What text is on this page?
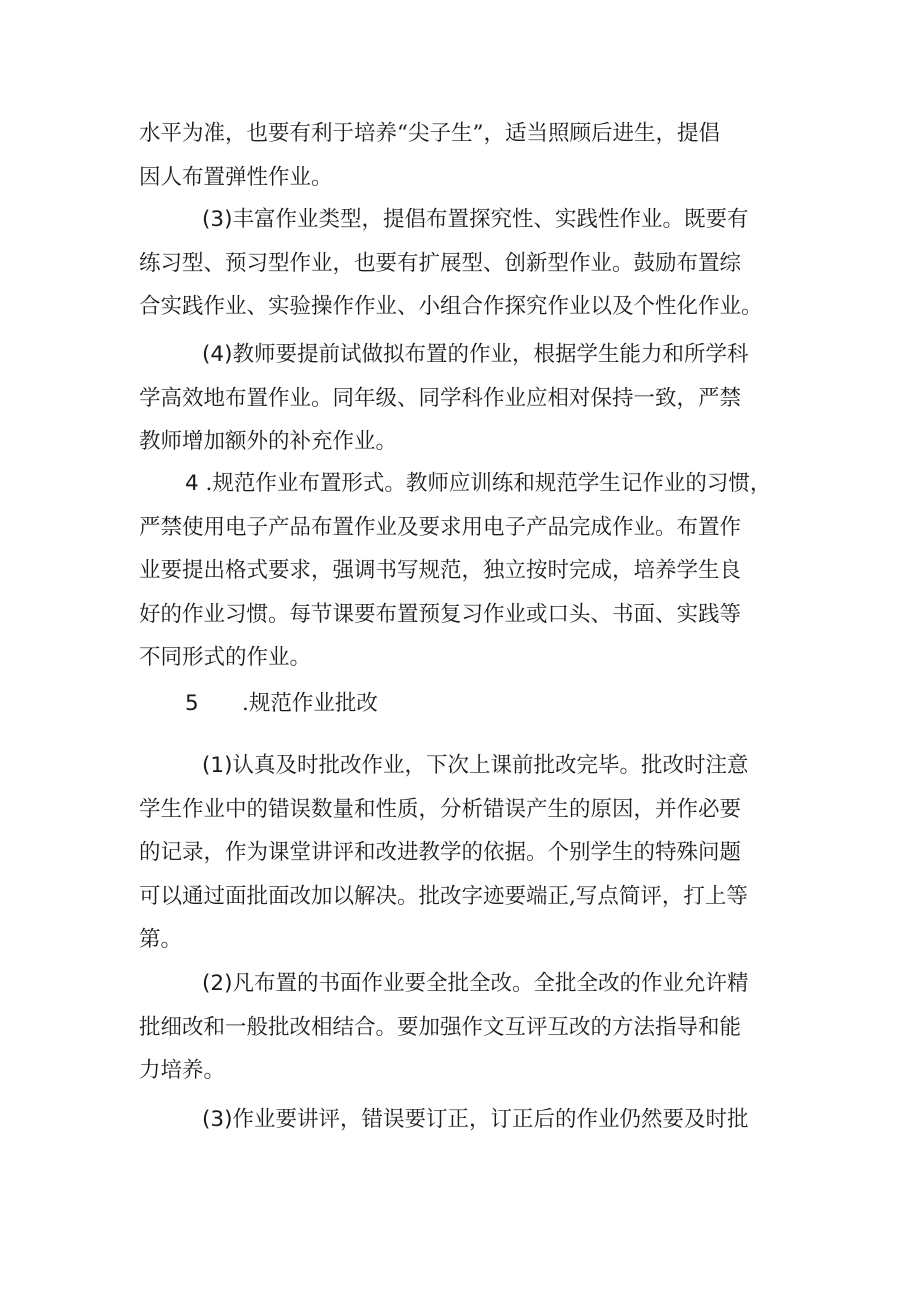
水平为准，也要有利于培养“尖子生”，适当照顾后进生，提倡
因人布置弹性作业。
(3)丰富作业类型，提倡布置探究性、实践性作业。既要有
练习型、预习型作业，也要有扩展型、创新型作业。鼓励布置综
合实践作业、实验操作作业、小组合作探究作业以及个性化作业。
(4)教师要提前试做拟布置的作业，根据学生能力和所学科
学高效地布置作业。同年级、同学科作业应相对保持一致，严禁
教师增加额外的补充作业。
4 .规范作业布置形式。教师应训练和规范学生记作业的习惯，
严禁使用电子产品布置作业及要求用电子产品完成作业。布置作
业要提出格式要求，强调书写规范，独立按时完成，培养学生良
好的作业习惯。每节课要布置预复习作业或口头、书面、实践等
不同形式的作业。
5 .规范作业批改
(1)认真及时批改作业，下次上课前批改完毕。批改时注意
学生作业中的错误数量和性质，分析错误产生的原因，并作必要
的记录，作为课堂讲评和改进教学的依据。个别学生的特殊问题
可以通过面批面改加以解决。批改字迹要端正,写点简评，打上等
第。
(2)凡布置的书面作业要全批全改。全批全改的作业允许精
批细改和一般批改相结合。要加强作文互评互改的方法指导和能
力培养。
(3)作业要讲评，错误要订正，订正后的作业仍然要及时批
